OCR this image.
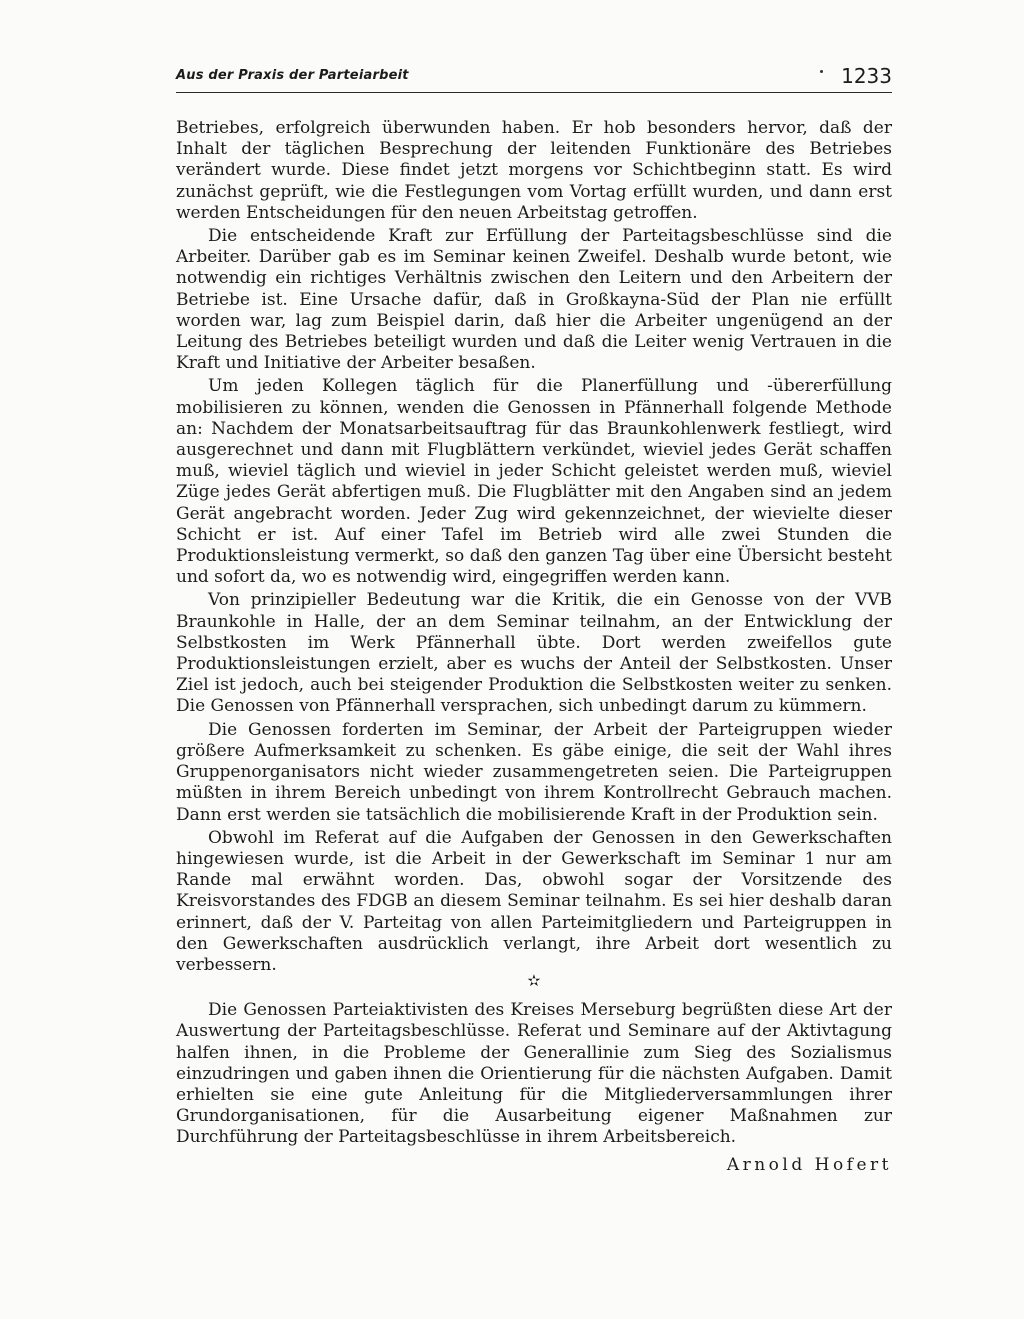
Aus der Praxis der Parteiarbeit	1233

Betriebes, erfolgreich überwunden haben. Er hob besonders hervor, daß der Inhalt der täglichen Besprechung der leitenden Funktionäre des Betriebes verändert wurde. Diese findet jetzt morgens vor Schichtbeginn statt. Es wird zunächst geprüft, wie die Festlegungen vom Vortag erfüllt wurden, und dann erst werden Entscheidungen für den neuen Arbeitstag getroffen.

Die entscheidende Kraft zur Erfüllung der Parteitagsbeschlüsse sind die Arbeiter. Darüber gab es im Seminar keinen Zweifel. Deshalb wurde betont, wie notwendig ein richtiges Verhältnis zwischen den Leitern und den Arbeitern der Betriebe ist. Eine Ursache dafür, daß in Großkayna-Süd der Plan nie erfüllt worden war, lag zum Beispiel darin, daß hier die Arbeiter ungenügend an der Leitung des Betriebes beteiligt wurden und daß die Leiter wenig Vertrauen in die Kraft und Initiative der Arbeiter besaßen.

Um jeden Kollegen täglich für die Planerfüllung und -übererfüllung mobilisieren zu können, wenden die Genossen in Pfännerhall folgende Methode an: Nachdem der Monatsarbeitsauftrag für das Braunkohlenwerk festliegt, wird ausgerechnet und dann mit Flugblättern verkündet, wieviel jedes Gerät schaffen muß, wieviel täglich und wieviel in jeder Schicht geleistet werden muß, wieviel Züge jedes Gerät abfertigen muß. Die Flugblätter mit den Angaben sind an jedem Gerät angebracht worden. Jeder Zug wird gekennzeichnet, der wievielte dieser Schicht er ist. Auf einer Tafel im Betrieb wird alle zwei Stunden die Produktionsleistung vermerkt, so daß den ganzen Tag über eine Übersicht besteht und sofort da, wo es notwendig wird, eingegriffen werden kann.

Von prinzipieller Bedeutung war die Kritik, die ein Genosse von der VVB Braunkohle in Halle, der an dem Seminar teilnahm, an der Entwicklung der Selbstkosten im Werk Pfännerhall übte. Dort werden zweifellos gute Produktionsleistungen erzielt, aber es wuchs der Anteil der Selbstkosten. Unser Ziel ist jedoch, auch bei steigender Produktion die Selbstkosten weiter zu senken. Die Genossen von Pfännerhall versprachen, sich unbedingt darum zu kümmern.

Die Genossen forderten im Seminar, der Arbeit der Parteigruppen wieder größere Aufmerksamkeit zu schenken. Es gäbe einige, die seit der Wahl ihres Gruppenorganisators nicht wieder zusammengetreten seien. Die Parteigruppen müßten in ihrem Bereich unbedingt von ihrem Kontrollrecht Gebrauch machen. Dann erst werden sie tatsächlich die mobilisierende Kraft in der Produktion sein.

Obwohl im Referat auf die Aufgaben der Genossen in den Gewerkschaften hingewiesen wurde, ist die Arbeit in der Gewerkschaft im Seminar 1 nur am Rande mal erwähnt worden. Das, obwohl sogar der Vorsitzende des Kreisvorstandes des FDGB an diesem Seminar teilnahm. Es sei hier deshalb daran erinnert, daß der V. Parteitag von allen Parteimitgliedern und Parteigruppen in den Gewerkschaften ausdrücklich verlangt, ihre Arbeit dort wesentlich zu verbessern.

✫

Die Genossen Parteiaktivisten des Kreises Merseburg begrüßten diese Art der Auswertung der Parteitagsbeschlüsse. Referat und Seminare auf der Aktivtagung halfen ihnen, in die Probleme der Generallinie zum Sieg des Sozialismus einzudringen und gaben ihnen die Orientierung für die nächsten Aufgaben. Damit erhielten sie eine gute Anleitung für die Mitgliederversammlungen ihrer Grundorganisationen, für die Ausarbeitung eigener Maßnahmen zur Durchführung der Parteitagsbeschlüsse in ihrem Arbeitsbereich.

Arnold Hofert
